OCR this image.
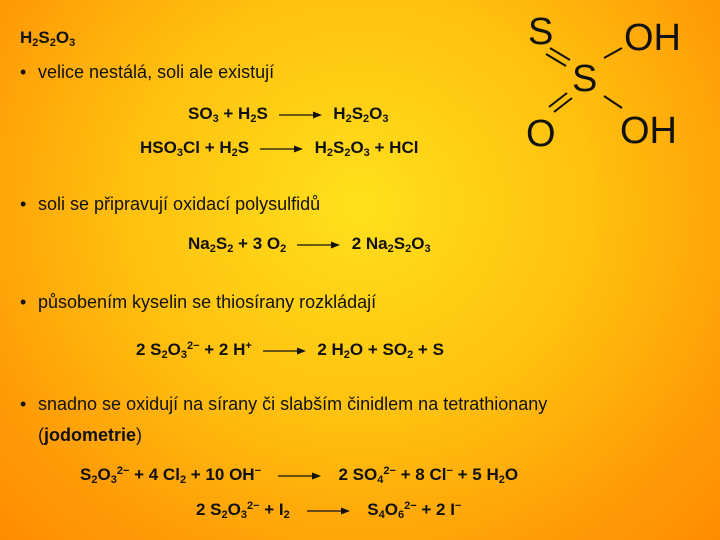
$H_2S_2O_3$
• velice nestálá, soli ale existují
$SO_3 + H_2S \to H_2S_2O_3$
$HSO_3Cl + H_2S \to H_2S_2O_3$ + HCl
S
S
O
OH
OH
• soli se připravují oxidací polysulfidů
$Na_2S_2 + 3$ $O_2 \to 2$ $Na_2S_2O_3$
• působením kyselin se thiosírany rozkládají
2 $S_2O_3^{2-} + 2$ H+ → 2 $H_2O + SO_2 + S$
• snadno se oxidují na sírany či slabším činidlem na tetrathionany
(jodometrie)
$S_2O_3^{2-} + 4$ $Cl_2 + 10$ OH− → 2 $SO_4^{2-} + 8$ Cl− + 5 $H_2O$
2 $S_2O_3^{2-} + I_2 \to S_4O_6^{2-} + 2$ I−
